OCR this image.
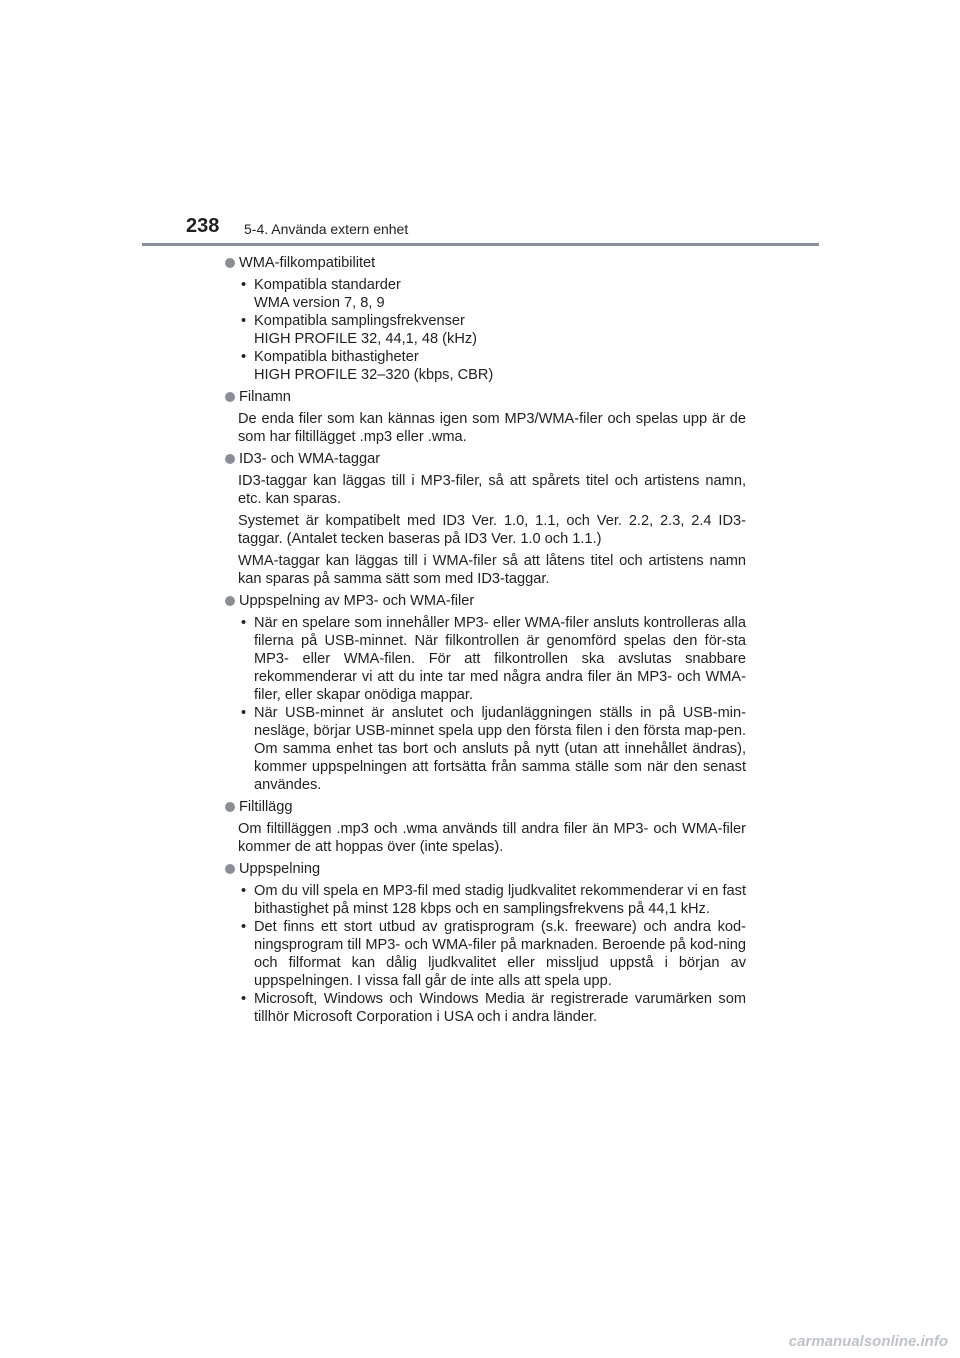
238 5-4. Använda extern enhet
WMA-filkompatibilitet
• Kompatibla standarder
WMA version 7, 8, 9
• Kompatibla samplingsfrekvenser
HIGH PROFILE 32, 44,1, 48 (kHz)
• Kompatibla bithastigheter
HIGH PROFILE 32–320 (kbps, CBR)
Filnamn

De enda filer som kan kännas igen som MP3/WMA-filer och spelas upp är de som har filtillägget .mp3 eller .wma.

ID3- och WMA-taggar

ID3-taggar kan läggas till i MP3-filer, så att spårets titel och artistens namn, etc. kan sparas.

Systemet är kompatibelt med ID3 Ver. 1.0, 1.1, och Ver. 2.2, 2.3, 2.4 ID3-taggar. (Antalet tecken baseras på ID3 Ver. 1.0 och 1.1.)

WMA-taggar kan läggas till i WMA-filer så att låtens titel och artistens namn kan sparas på samma sätt som med ID3-taggar.

Uppspelning av MP3- och WMA-filer
• När en spelare som innehåller MP3- eller WMA-filer ansluts kontrolleras alla filerna på USB-minnet. När filkontrollen är genomförd spelas den för-sta MP3- eller WMA-filen. För att filkontrollen ska avslutas snabbare rekommenderar vi att du inte tar med några andra filer än MP3- och WMA-filer, eller skapar onödiga mappar.
• När USB-minnet är anslutet och ljudanläggningen ställs in på USB-min-nesläge, börjar USB-minnet spela upp den första filen i den första map-pen. Om samma enhet tas bort och ansluts på nytt (utan att innehållet ändras), kommer uppspelningen att fortsätta från samma ställe som när den senast användes.
Filtillägg

Om filtilläggen .mp3 och .wma används till andra filer än MP3- och WMA-filer kommer de att hoppas över (inte spelas).

Uppspelning
• Om du vill spela en MP3-fil med stadig ljudkvalitet rekommenderar vi en fast bithastighet på minst 128 kbps och en samplingsfrekvens på 44,1 kHz.
• Det finns ett stort utbud av gratisprogram (s.k. freeware) och andra kod-ningsprogram till MP3- och WMA-filer på marknaden. Beroende på kod-ning och filformat kan dålig ljudkvalitet eller missljud uppstå i början av uppspelningen. I vissa fall går de inte alls att spela upp.
• Microsoft, Windows och Windows Media är registrerade varumärken som tillhör Microsoft Corporation i USA och i andra länder.
carmanualsonline.info
